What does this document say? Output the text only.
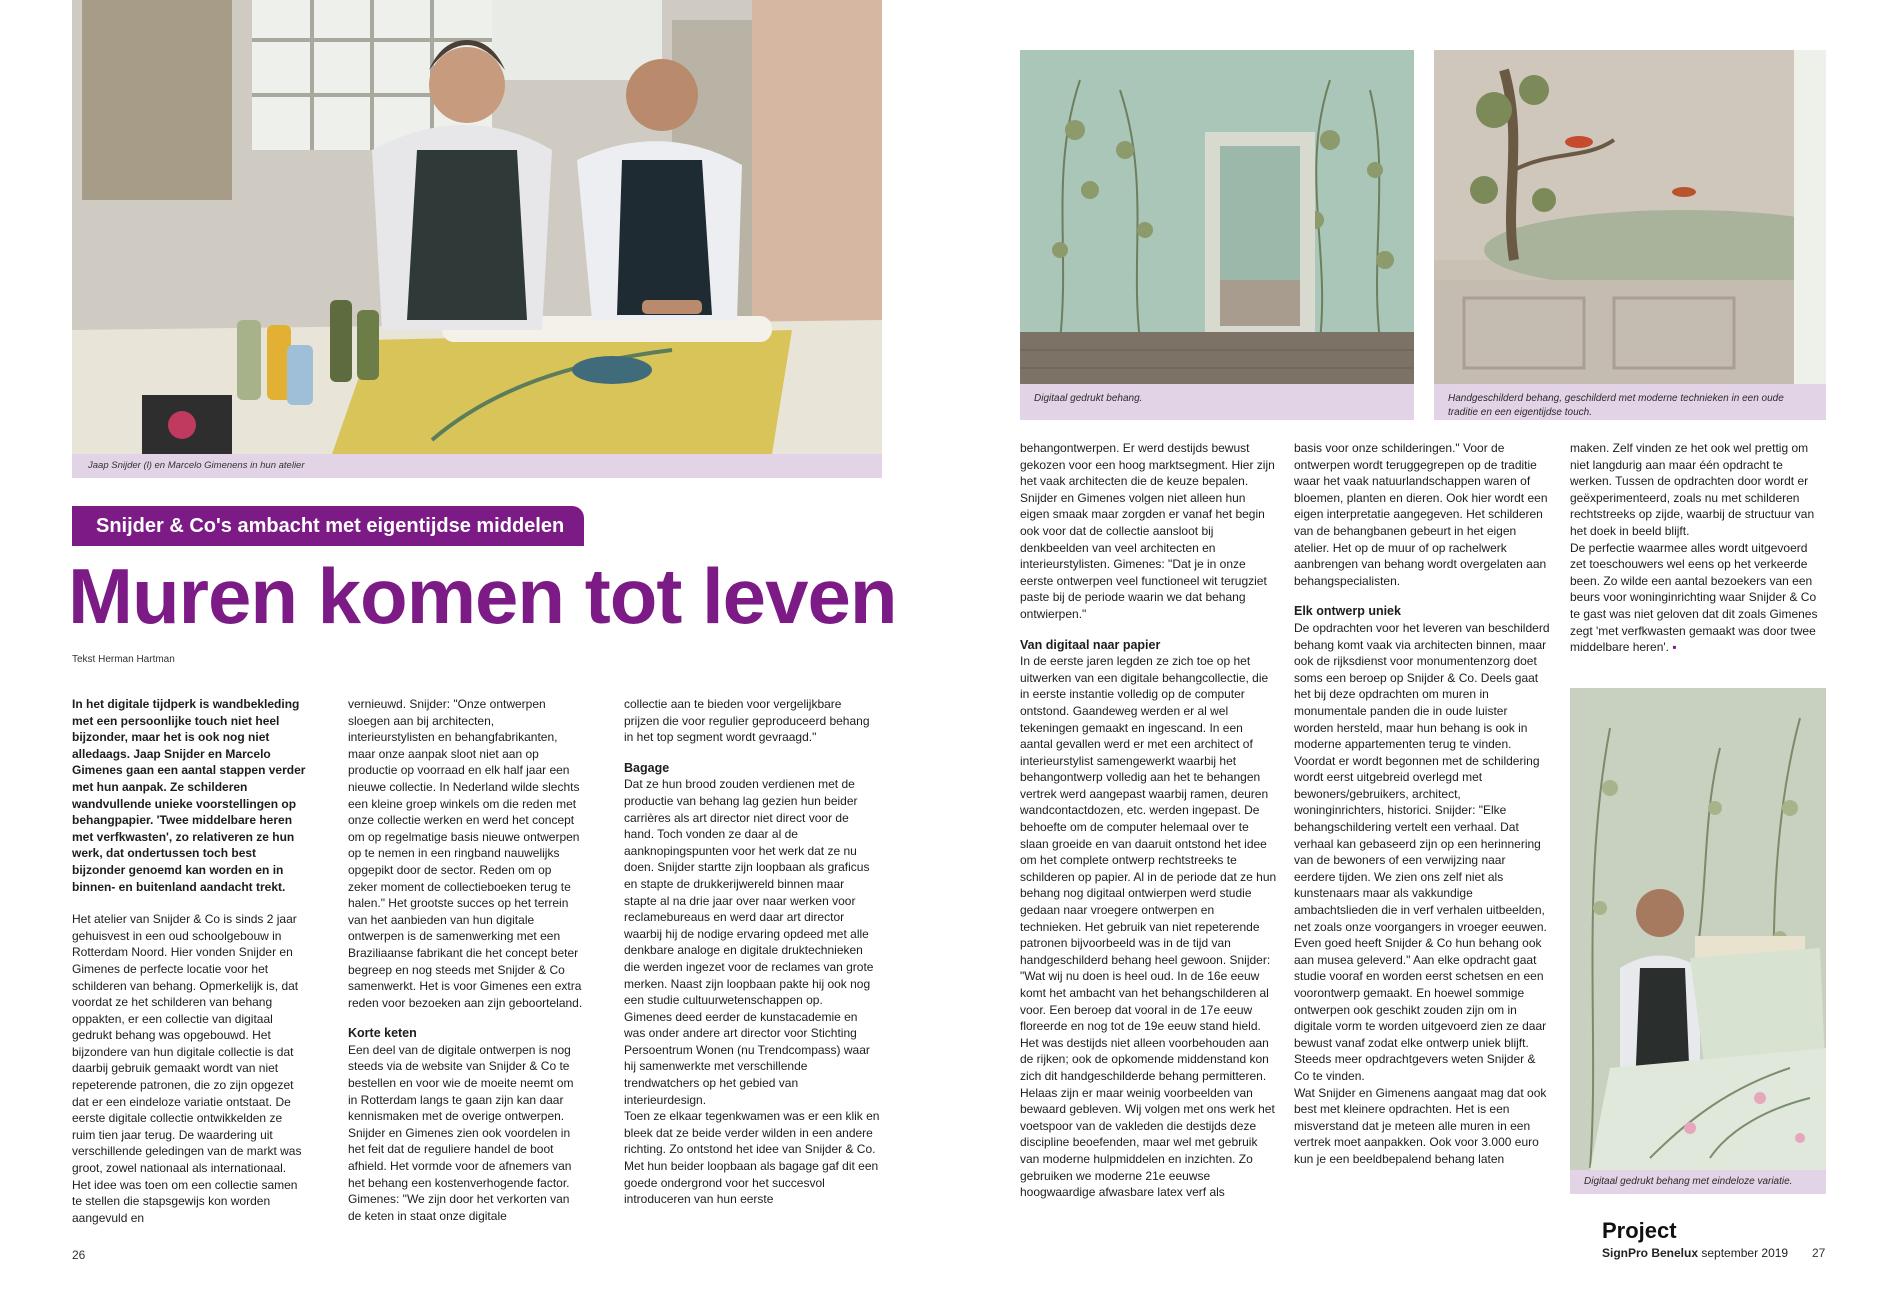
Jaap Snijder (l) en Marcelo Gimenens in hun atelier
Snijder & Co's ambacht met eigentijdse middelen
Muren komen tot leven
Tekst Herman Hartman

In het digitale tijdperk is wandbekleding met een persoonlijke touch niet heel bijzonder, maar het is ook nog niet alledaags. Jaap Snijder en Marcelo Gimenes gaan een aantal stappen verder met hun aanpak. Ze schilderen wandvullende unieke voorstellingen op behangpapier. 'Twee middelbare heren met verfkwasten', zo relativeren ze hun werk, dat ondertussen toch best bijzonder genoemd kan worden en in binnen- en buitenland aandacht trekt.

Het atelier van Snijder & Co is sinds 2 jaar gehuisvest in een oud schoolgebouw in Rotterdam Noord. Hier vonden Snijder en Gimenes de perfecte locatie voor het schilderen van behang. Opmerkelijk is, dat voordat ze het schilderen van behang oppakten, er een collectie van digitaal gedrukt behang was opgebouwd. Het bijzondere van hun digitale collectie is dat daarbij gebruik gemaakt wordt van niet repeterende patronen, die zo zijn opgezet dat er een eindeloze variatie ontstaat. De eerste digitale collectie ontwikkelden ze ruim tien jaar terug. De waardering uit verschillende geledingen van de markt was groot, zowel nationaal als internationaal. Het idee was toen om een collectie samen te stellen die stapsgewijs kon worden aangevuld en

vernieuwd. Snijder: "Onze ontwerpen sloegen aan bij architecten, interieurstylisten en behangfabrikanten, maar onze aanpak sloot niet aan op productie op voorraad en elk half jaar een nieuwe collectie. In Nederland wilde slechts een kleine groep winkels om die reden met onze collectie werken en werd het concept om op regelmatige basis nieuwe ontwerpen op te nemen in een ringband nauwelijks opgepikt door de sector. Reden om op zeker moment de collectieboeken terug te halen." Het grootste succes op het terrein van het aanbieden van hun digitale ontwerpen is de samenwerking met een Braziliaanse fabrikant die het concept beter begreep en nog steeds met Snijder & Co samenwerkt. Het is voor Gimenes een extra reden voor bezoeken aan zijn geboorteland.

Korte keten

Een deel van de digitale ontwerpen is nog steeds via de website van Snijder & Co te bestellen en voor wie de moeite neemt om in Rotterdam langs te gaan zijn kan daar kennismaken met de overige ontwerpen. Snijder en Gimenes zien ook voordelen in het feit dat de reguliere handel de boot afhield. Het vormde voor de afnemers van het behang een kostenverhogende factor. Gimenes: "We zijn door het verkorten van de keten in staat onze digitale

collectie aan te bieden voor vergelijkbare prijzen die voor regulier geproduceerd behang in het top segment wordt gevraagd."

Bagage

Dat ze hun brood zouden verdienen met de productie van behang lag gezien hun beider carrières als art director niet direct voor de hand. Toch vonden ze daar al de aanknopingspunten voor het werk dat ze nu doen. Snijder startte zijn loopbaan als graficus en stapte de drukkerijwereld binnen maar stapte al na drie jaar over naar werken voor reclamebureaus en werd daar art director waarbij hij de nodige ervaring opdeed met alle denkbare analoge en digitale druktechnieken die werden ingezet voor de reclames van grote merken. Naast zijn loopbaan pakte hij ook nog een studie cultuurwetenschappen op.

Gimenes deed eerder de kunstacademie en was onder andere art director voor Stichting Persoentrum Wonen (nu Trendcompass) waar hij samenwerkte met verschillende trendwatchers op het gebied van interieurdesign.

Toen ze elkaar tegenkwamen was er een klik en bleek dat ze beide verder wilden in een andere richting. Zo ontstond het idee van Snijder & Co. Met hun beider loopbaan als bagage gaf dit een goede ondergrond voor het succesvol introduceren van hun eerste

26
Digitaal gedrukt behang.	Handgeschilderd behang, geschilderd met moderne technieken in een oude traditie en een eigentijdse touch.

behangontwerpen. Er werd destijds bewust gekozen voor een hoog marktsegment. Hier zijn het vaak architecten die de keuze bepalen. Snijder en Gimenes volgen niet alleen hun eigen smaak maar zorgden er vanaf het begin ook voor dat de collectie aansloot bij denkbeelden van veel architecten en interieurstylisten. Gimenes: "Dat je in onze eerste ontwerpen veel functioneel wit terugziet paste bij de periode waarin we dat behang ontwierpen."

Van digitaal naar papier

In de eerste jaren legden ze zich toe op het uitwerken van een digitale behangcollectie, die in eerste instantie volledig op de computer ontstond. Gaandeweg werden er al wel tekeningen gemaakt en ingescand. In een aantal gevallen werd er met een architect of interieurstylist samengewerkt waarbij het behangontwerp volledig aan het te behangen vertrek werd aangepast waarbij ramen, deuren wandcontactdozen, etc. werden ingepast. De behoefte om de computer helemaal over te slaan groeide en van daaruit ontstond het idee om het complete ontwerp rechtstreeks te schilderen op papier. Al in de periode dat ze hun behang nog digitaal ontwierpen werd studie gedaan naar vroegere ontwerpen en technieken. Het gebruik van niet repeterende patronen bijvoorbeeld was in de tijd van handgeschilderd behang heel gewoon. Snijder: "Wat wij nu doen is heel oud. In de 16e eeuw komt het ambacht van het behangschilderen al voor. Een beroep dat vooral in de 17e eeuw floreerde en nog tot de 19e eeuw stand hield. Het was destijds niet alleen voorbehouden aan de rijken; ook de opkomende middenstand kon zich dit handgeschilderde behang permitteren. Helaas zijn er maar weinig voorbeelden van bewaard gebleven. Wij volgen met ons werk het voetspoor van de vakleden die destijds deze discipline beoefenden, maar wel met gebruik van moderne hulpmiddelen en inzichten. Zo gebruiken we moderne 21e eeuwse hoogwaardige afwasbare latex verf als

basis voor onze schilderingen." Voor de ontwerpen wordt teruggegrepen op de traditie waar het vaak natuurlandschappen waren of bloemen, planten en dieren. Ook hier wordt een eigen interpretatie aangegeven. Het schilderen van de behangbanen gebeurt in het eigen atelier. Het op de muur of op rachelwerk aanbrengen van behang wordt overgelaten aan behangspecialisten.

Elk ontwerp uniek

De opdrachten voor het leveren van beschilderd behang komt vaak via architecten binnen, maar ook de rijksdienst voor monumentenzorg doet soms een beroep op Snijder & Co. Deels gaat het bij deze opdrachten om muren in monumentale panden die in oude luister worden hersteld, maar hun behang is ook in moderne appartementen terug te vinden. Voordat er wordt begonnen met de schildering wordt eerst uitgebreid overlegd met bewoners/gebruikers, architect, woninginrichters, historici. Snijder: "Elke behangschildering vertelt een verhaal. Dat verhaal kan gebaseerd zijn op een herinnering van de bewoners of een verwijzing naar eerdere tijden. We zien ons zelf niet als kunstenaars maar als vakkundige ambachtslieden die in verf verhalen uitbeelden, net zoals onze voorgangers in vroeger eeuwen. Even goed heeft Snijder & Co hun behang ook aan musea geleverd." Aan elke opdracht gaat studie vooraf en worden eerst schetsen en een voorontwerp gemaakt. En hoewel sommige ontwerpen ook geschikt zouden zijn om in digitale vorm te worden uitgevoerd zien ze daar bewust vanaf zodat elke ontwerp uniek blijft. Steeds meer opdrachtgevers weten Snijder & Co te vinden.

Wat Snijder en Gimenens aangaat mag dat ook best met kleinere opdrachten. Het is een misverstand dat je meteen alle muren in een vertrek moet aanpakken. Ook voor 3.000 euro kun je een beeldbepalend behang laten

maken. Zelf vinden ze het ook wel prettig om niet langdurig aan maar één opdracht te werken. Tussen de opdrachten door wordt er geëxperimenteerd, zoals nu met schilderen rechtstreeks op zijde, waarbij de structuur van het doek in beeld blijft.

De perfectie waarmee alles wordt uitgevoerd zet toeschouwers wel eens op het verkeerde been. Zo wilde een aantal bezoekers van een beurs voor woninginrichting waar Snijder & Co te gast was niet geloven dat dit zoals Gimenes zegt 'met verfkwasten gemaakt was door twee middelbare heren'. ▪

Digitaal gedrukt behang met eindeloze variatie.
Project
SignPro Benelux september 2019 27
